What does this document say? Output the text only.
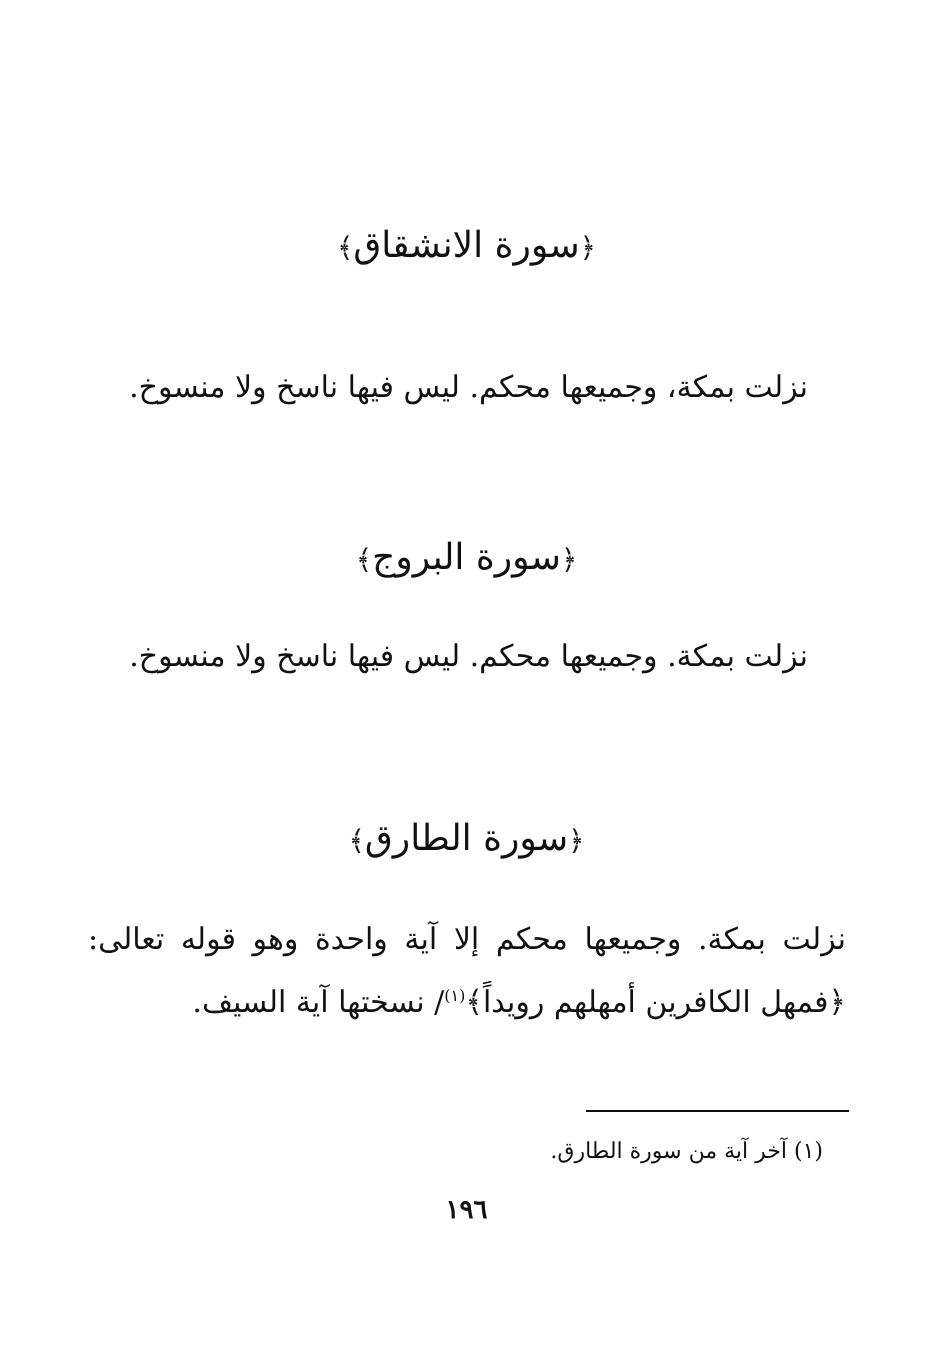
﴿سورة الانشقاق﴾
نزلت بمكة، وجميعها محكم. ليس فيها ناسخ ولا منسوخ.
﴿سورة البروج﴾
نزلت بمكة. وجميعها محكم. ليس فيها ناسخ ولا منسوخ.
﴿سورة الطارق﴾
نزلت بمكة. وجميعها محكم إلا آية واحدة وهو قوله تعالى: ﴿فمهل الكافرين أمهلهم رويداً﴾$^{(١)}$/ نسختها آية السيف.
(١) آخر آية من سورة الطارق.
١٩٦
